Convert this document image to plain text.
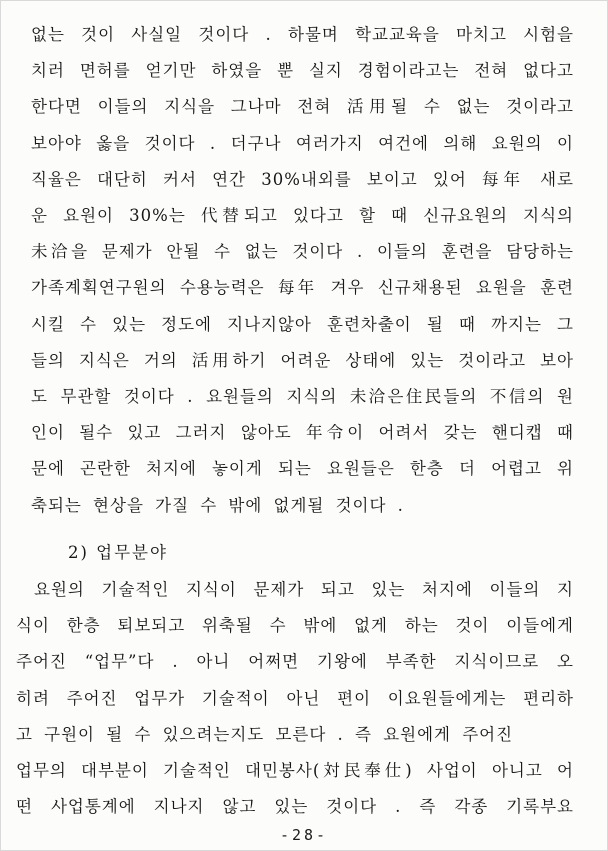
없는 것이 사실일 것이다 . 하물며 학교교육을 마치고 시험을
치러 면허를 얻기만 하였을 뿐 실지 경험이라고는 전혀 없다고
한다면 이들의 지식을 그나마 전혀 活用될 수 없는 것이라고
보아야 옳을 것이다 . 더구나 여러가지 여건에 의해 요원의 이
직율은 대단히 커서 연간 30%내외를 보이고 있어 每年 새로
운 요원이 30%는 代替되고 있다고 할 때 신규요원의 지식의
未洽을 문제가 안될 수 없는 것이다 . 이들의 훈련을 담당하는
가족계획연구원의 수용능력은 每年 겨우 신규채용된 요원을 훈련
시킬 수 있는 정도에 지나지않아 훈련차출이 될 때 까지는 그
들의 지식은 거의 活用하기 어려운 상태에 있는 것이라고 보아
도 무관할 것이다 . 요원들의 지식의 未洽은住民들의 不信의 원
인이 될수 있고 그러지 않아도 年令이 어려서 갖는 핸디캡 때
문에 곤란한 처지에 놓이게 되는 요원들은 한층 더 어렵고 위
축되는 현상을 가질 수 밖에 없게될 것이다 .
2) 업무분야
요원의 기술적인 지식이 문제가 되고 있는 처지에 이들의 지
식이 한층 퇴보되고 위축될 수 밖에 없게 하는 것이 이들에게
주어진 “업무”다 . 아니 어쩌면 기왕에 부족한 지식이므로 오
히려 주어진 업무가 기술적이 아닌 편이 이요원들에게는 편리하
고 구원이 될 수 있으려는지도 모른다 . 즉 요원에게 주어진
업무의 대부분이 기술적인 대민봉사(対民奉仕) 사업이 아니고 어
떤 사업통계에 지나지 않고 있는 것이다 . 즉 각종 기록부요
-28-
